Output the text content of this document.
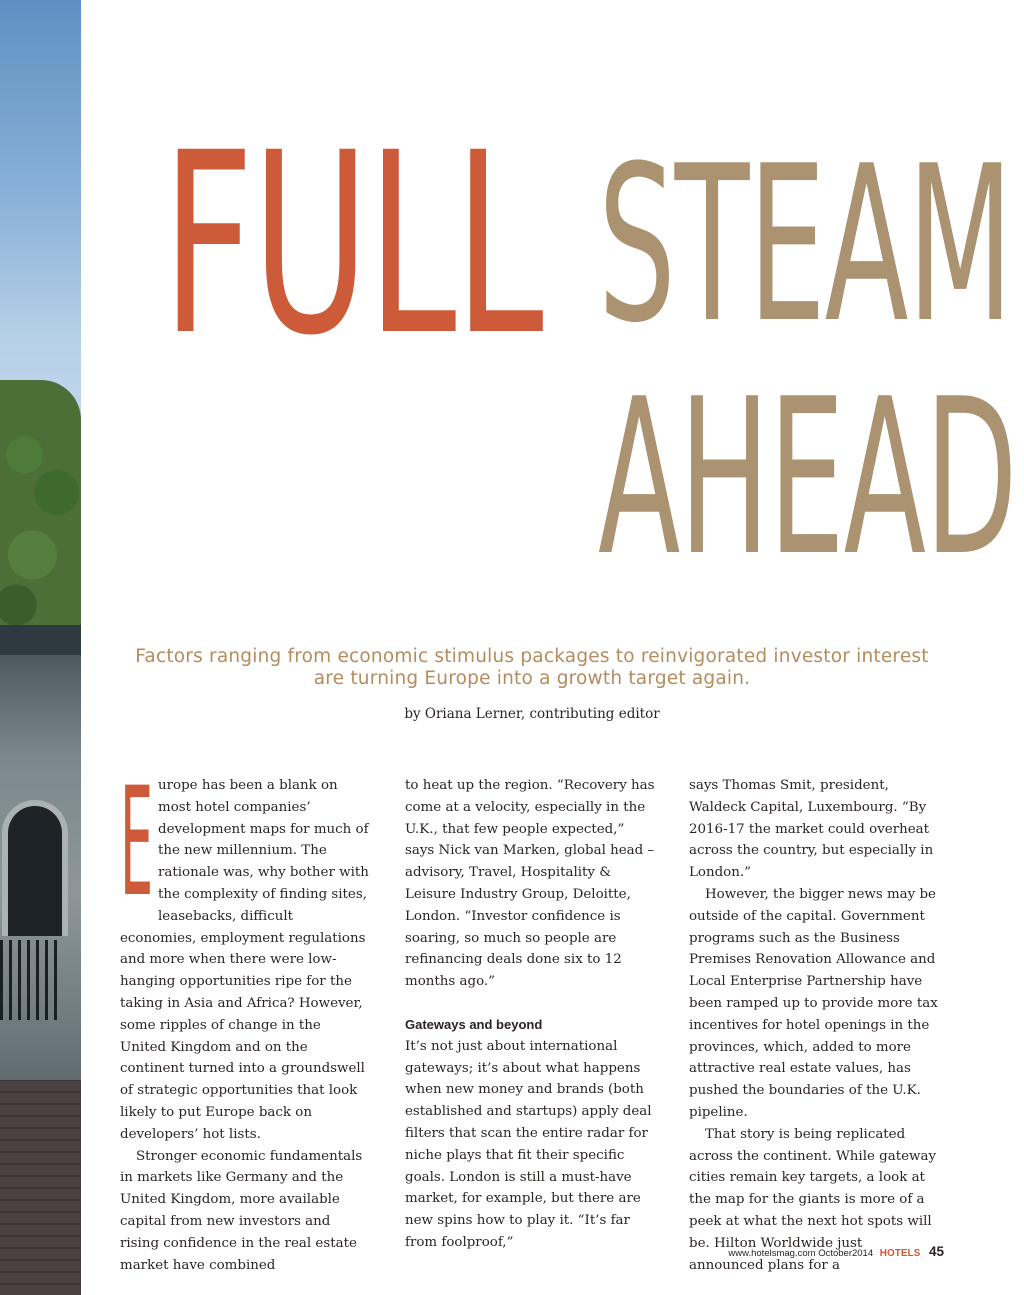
FULL STEAM
AHEAD
Factors ranging from economic stimulus packages to reinvigorated investor interest are turning Europe into a growth target again.
by Oriana Lerner, contributing editor
E urope has been a blank on most hotel companies’ development maps for much of the new millennium. The rationale was, why bother with the complexity of finding sites, leasebacks, difficult economies, employment regulations and more when there were low-hanging opportunities ripe for the taking in Asia and Africa? However, some ripples of change in the United Kingdom and on the continent turned into a groundswell of strategic opportunities that look likely to put Europe back on developers’ hot lists.

Stronger economic fundamentals in markets like Germany and the United Kingdom, more available capital from new investors and rising confidence in the real estate market have combined

to heat up the region. “Recovery has come at a velocity, especially in the U.K., that few people expected,” says Nick van Marken, global head – advisory, Travel, Hospitality & Leisure Industry Group, Deloitte, London. “Investor confidence is soaring, so much so people are refinancing deals done six to 12 months ago.”

Gateways and beyond

It’s not just about international gateways; it’s about what happens when new money and brands (both established and startups) apply deal filters that scan the entire radar for niche plays that fit their specific goals. London is still a must-have market, for example, but there are new spins how to play it. “It’s far from foolproof,”

says Thomas Smit, president, Waldeck Capital, Luxembourg. “By 2016-17 the market could overheat across the country, but especially in London.”

However, the bigger news may be outside of the capital. Government programs such as the Business Premises Renovation Allowance and Local Enterprise Partnership have been ramped up to provide more tax incentives for hotel openings in the provinces, which, added to more attractive real estate values, has pushed the boundaries of the U.K. pipeline.

That story is being replicated across the continent. While gateway cities remain key targets, a look at the map for the giants is more of a peek at what the next hot spots will be. Hilton Worldwide just announced plans for a

www.hotelsmag.com October2014 HOTELS 45
